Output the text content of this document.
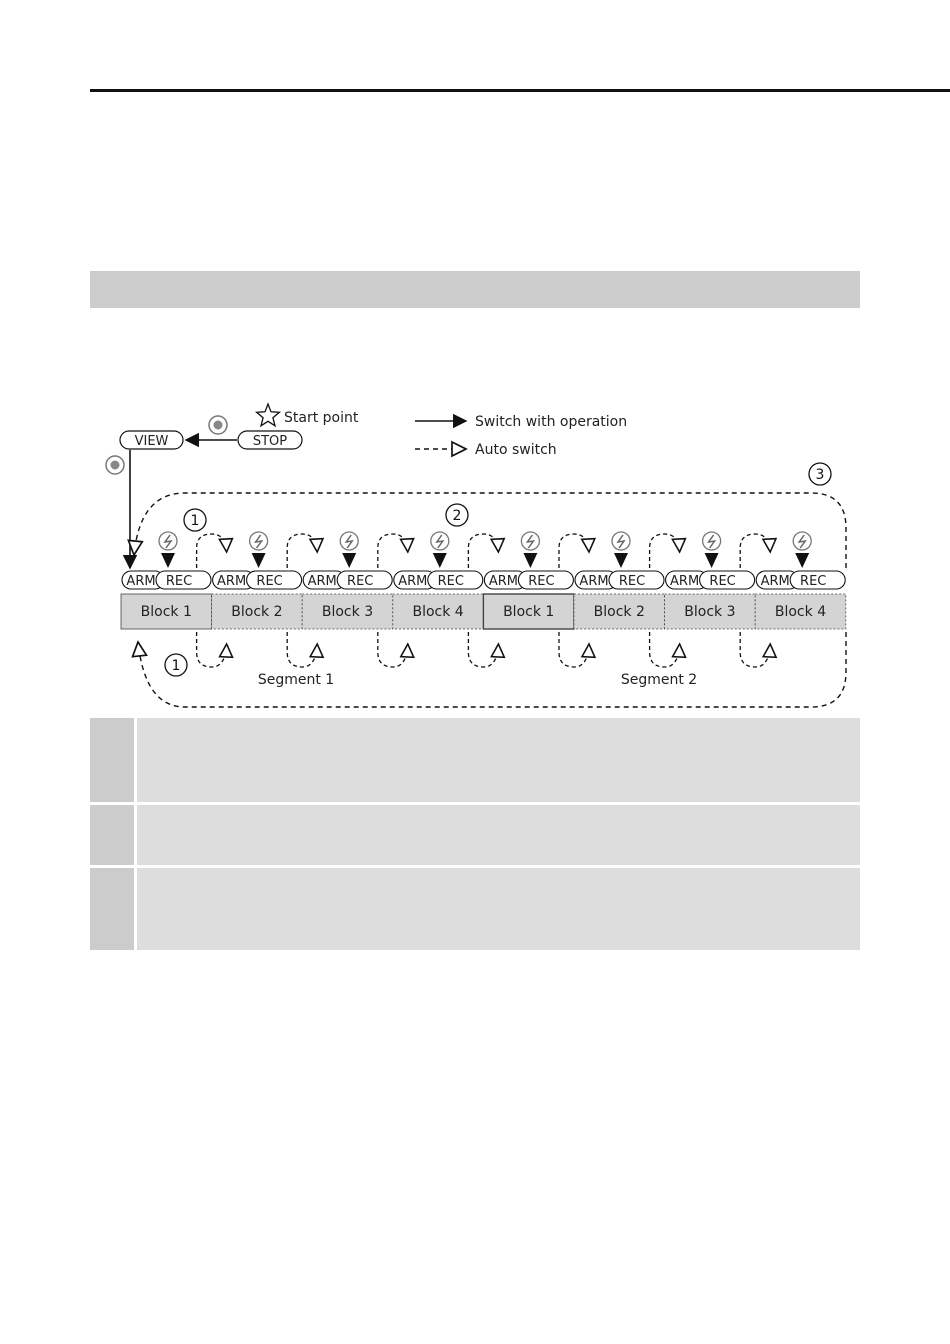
Start point	Switch with operation
Auto switch
VIEW	STOP
1	2
3
1
Block 1
ARM REC
Block 2
ARM REC
Block 3
ARM REC
Block 4
ARM REC
Block 1
ARM REC
Block 2
ARM REC
Block 3
ARM REC
Block 4
ARM REC
Segment 1	Segment 2
